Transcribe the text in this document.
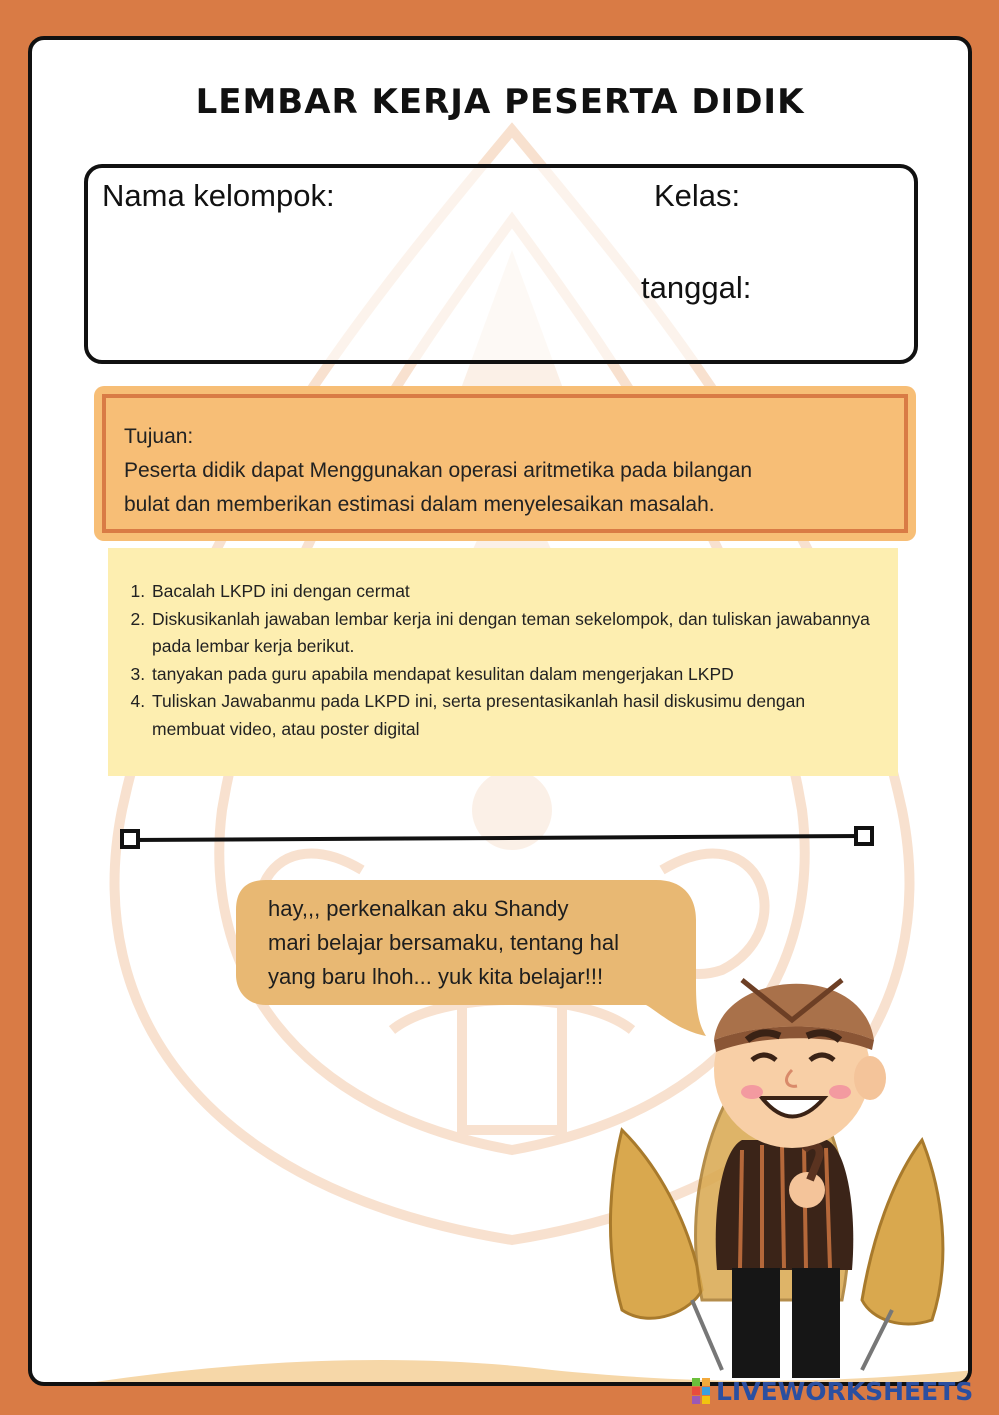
LEMBAR KERJA PESERTA DIDIK
Nama kelompok:	Kelas:
tanggal:
Tujuan:
Peserta didik dapat Menggunakan operasi aritmetika pada bilangan
bulat dan memberikan estimasi dalam menyelesaikan masalah.
1. Bacalah LKPD ini dengan cermat
2. Diskusikanlah jawaban lembar kerja ini dengan teman sekelompok, dan tuliskan jawabannya pada lembar kerja berikut.
3. tanyakan pada guru apabila mendapat kesulitan dalam mengerjakan LKPD
4. Tuliskan Jawabanmu pada LKPD ini, serta presentasikanlah hasil diskusimu dengan membuat video, atau poster digital
hay,,, perkenalkan aku Shandy
mari belajar bersamaku, tentang hal
yang baru lhoh... yuk kita belajar!!!
LIVEWORKSHEETS
